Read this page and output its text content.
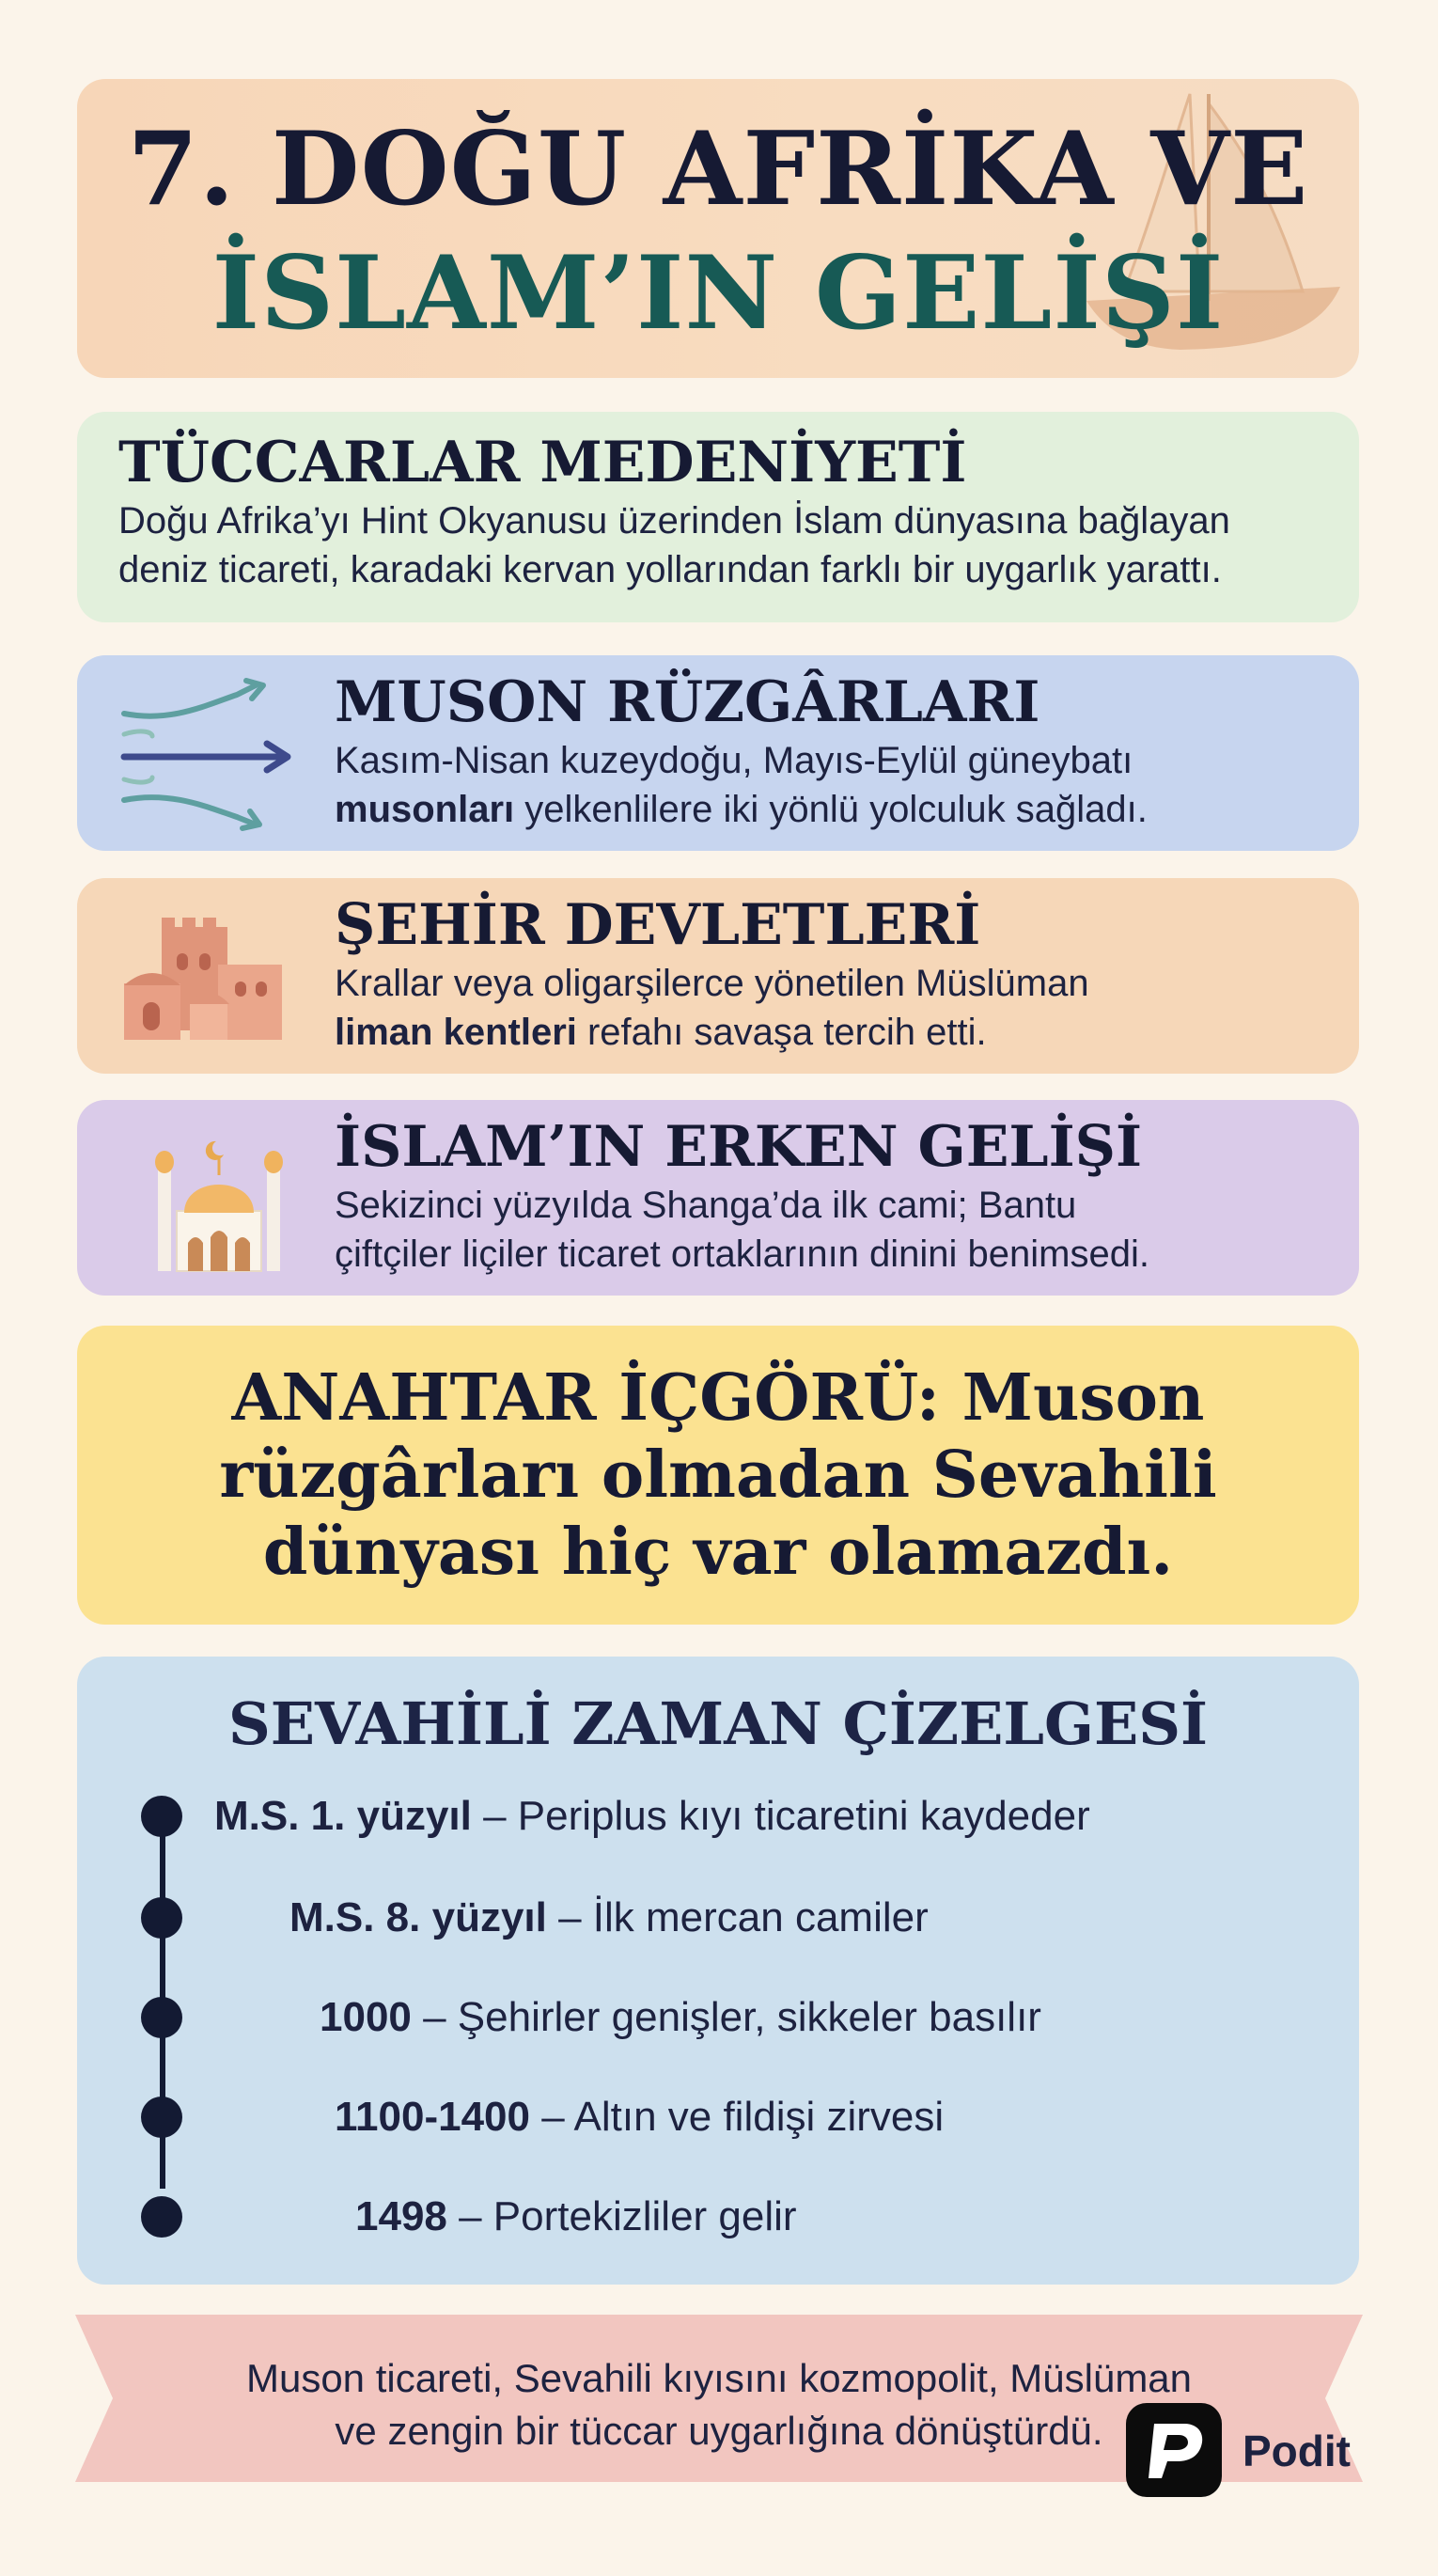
7. DOĞU AFRİKA VE
İSLAM’IN GELİŞİ
TÜCCARLAR MEDENİYETİ
Doğu Afrika’yı Hint Okyanusu üzerinden İslam dünyasına bağlayan
deniz ticareti, karadaki kervan yollarından farklı bir uygarlık yarattı.
MUSON RÜZGÂRLARI
Kasım-Nisan kuzeydoğu, Mayıs-Eylül güneybatı
musonları yelkenlilere iki yönlü yolculuk sağladı.
ŞEHİR DEVLETLERİ
Krallar veya oligarşilerce yönetilen Müslüman
liman kentleri refahı savaşa tercih etti.
İSLAM’IN ERKEN GELİŞİ
Sekizinci yüzyılda Shanga’da ilk cami; Bantu
çiftçiler liçiler ticaret ortaklarının dinini benimsedi.
ANAHTAR İÇGÖRÜ: Muson
rüzgârları olmadan Sevahili
dünyası hiç var olamazdı.
SEVAHİLİ ZAMAN ÇİZELGESİ
M.S. 1. yüzyıl – Periplus kıyı ticaretini kaydeder
M.S. 8. yüzyıl – İlk mercan camiler
1000 – Şehirler genişler, sikkeler basılır
1100-1400 – Altın ve fildişi zirvesi
1498 – Portekizliler gelir
Muson ticareti, Sevahili kıyısını kozmopolit, Müslüman
ve zengin bir tüccar uygarlığına dönüştürdü.	Podit
